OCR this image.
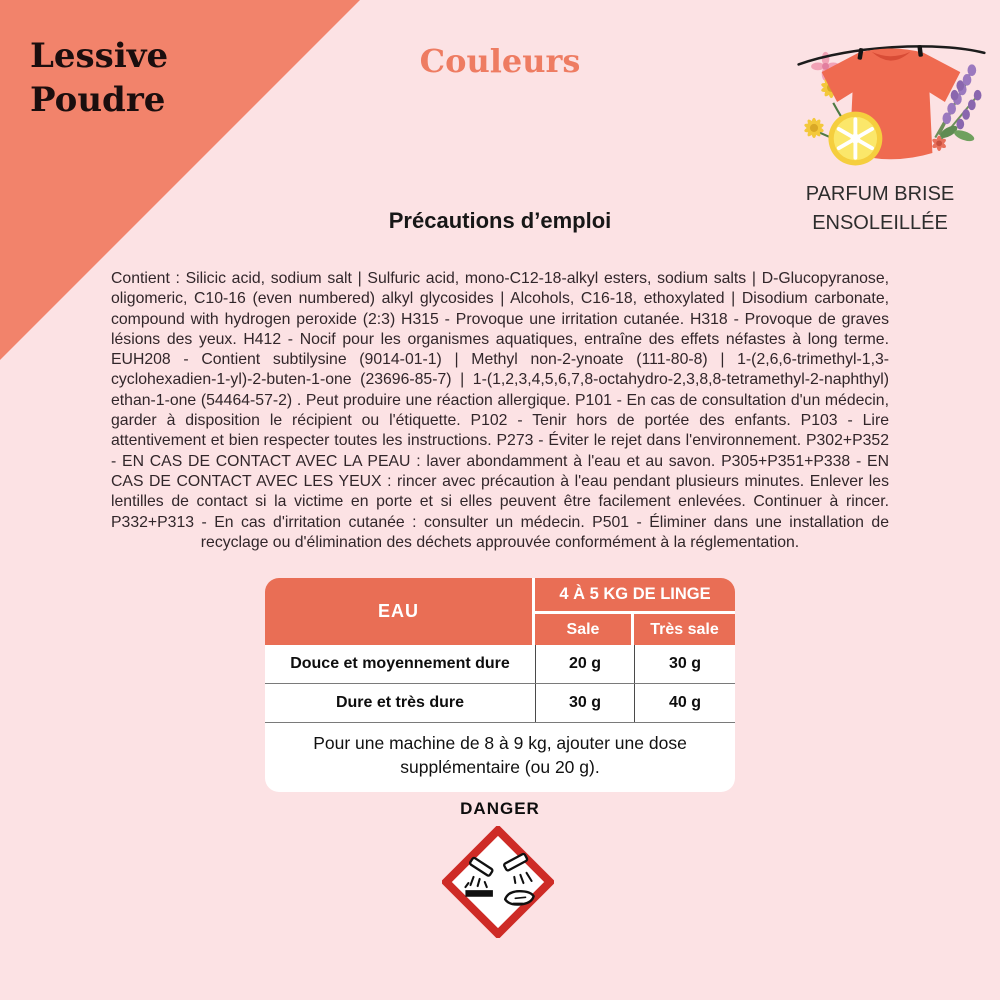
Lessive
Poudre
Couleurs
PARFUM BRISE
ENSOLEILLÉE
Précautions d’emploi
Contient : Silicic acid, sodium salt | Sulfuric acid, mono-C12-18-alkyl esters, sodium salts | D-Glucopyranose, oligomeric, C10-16 (even numbered) alkyl glycosides | Alcohols, C16-18, ethoxylated | Disodium carbonate, compound with hydrogen peroxide (2:3) H315 - Provoque une irritation cutanée. H318 - Provoque de graves lésions des yeux. H412 - Nocif pour les organismes aquatiques, entraîne des effets néfastes à long terme. EUH208 - Contient subtilysine (9014-01-1) | Methyl non-2-ynoate (111-80-8) | 1-(2,6,6-trimethyl-1,3-cyclohexadien-1-yl)-2-buten-1-one (23696-85-7) | 1-(1,2,3,4,5,6,7,8-octahydro-2,3,8,8-tetramethyl-2-naphthyl) ethan-1-one (54464-57-2) . Peut produire une réaction allergique. P101 - En cas de consultation d'un médecin, garder à disposition le récipient ou l'étiquette. P102 - Tenir hors de portée des enfants. P103 - Lire attentivement et bien respecter toutes les instructions. P273 - Éviter le rejet dans l'environnement. P302+P352 - EN CAS DE CONTACT AVEC LA PEAU : laver abondamment à l'eau et au savon. P305+P351+P338 - EN CAS DE CONTACT AVEC LES YEUX : rincer avec précaution à l'eau pendant plusieurs minutes. Enlever les lentilles de contact si la victime en porte et si elles peuvent être facilement enlevées. Continuer à rincer. P332+P313 - En cas d'irritation cutanée : consulter un médecin. P501 - Éliminer dans une installation de recyclage ou d'élimination des déchets approuvée conformément à la réglementation.
EAU
4 À 5 KG DE LINGE
Sale	Très sale
Douce et moyennement dure	20 g	30 g
Dure et très dure	30 g	40 g
Pour une machine de 8 à 9 kg, ajouter une dose supplémentaire (ou 20 g).
DANGER
